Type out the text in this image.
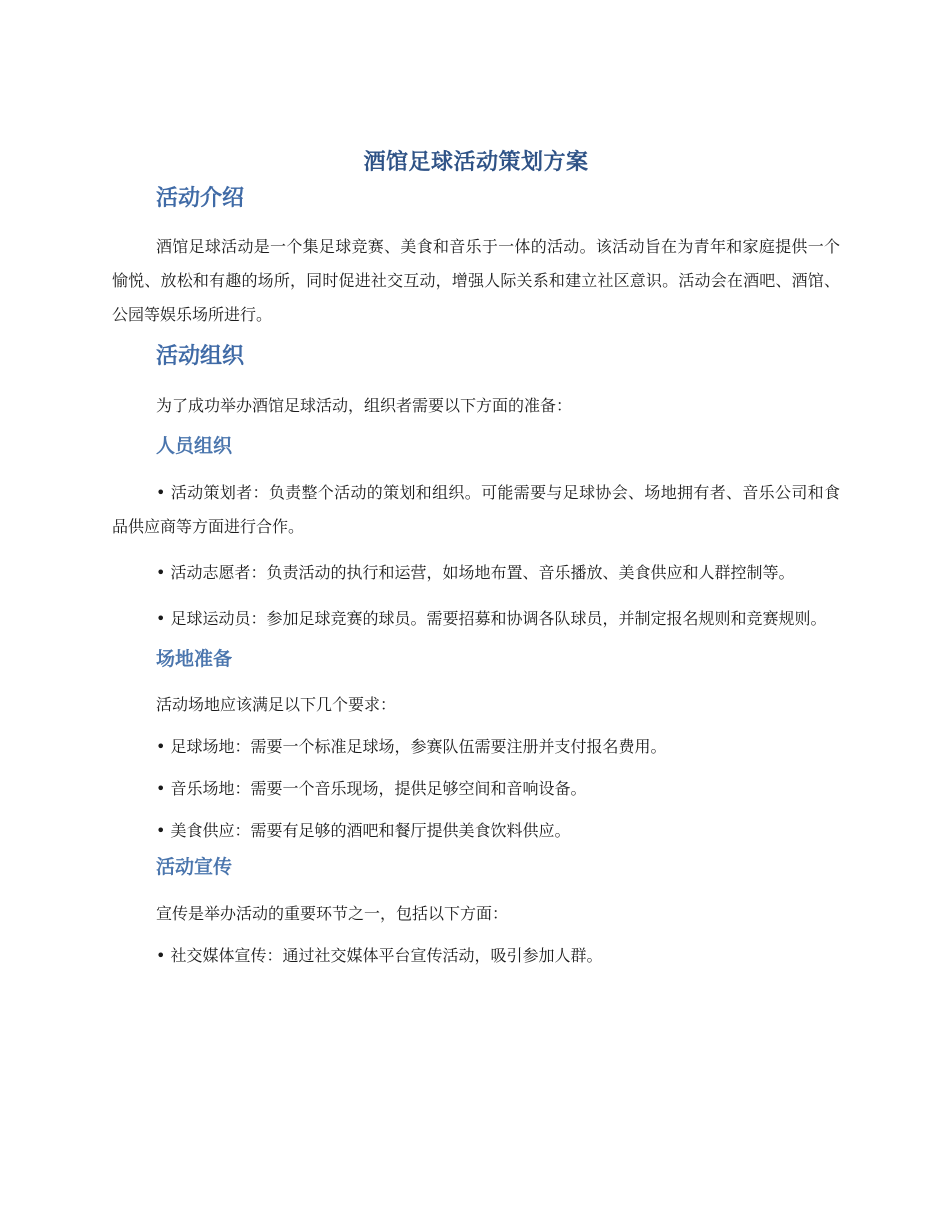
酒馆足球活动策划方案
活动介绍

酒馆足球活动是一个集足球竞赛、美食和音乐于一体的活动。该活动旨在为青年和家庭提供一个愉悦、放松和有趣的场所，同时促进社交互动，增强人际关系和建立社区意识。活动会在酒吧、酒馆、公园等娱乐场所进行。

活动组织

为了成功举办酒馆足球活动，组织者需要以下方面的准备：

人员组织

• 活动策划者：负责整个活动的策划和组织。可能需要与足球协会、场地拥有者、音乐公司和食品供应商等方面进行合作。

• 活动志愿者：负责活动的执行和运营，如场地布置、音乐播放、美食供应和人群控制等。

• 足球运动员：参加足球竞赛的球员。需要招募和协调各队球员，并制定报名规则和竞赛规则。

场地准备

活动场地应该满足以下几个要求：

• 足球场地：需要一个标准足球场，参赛队伍需要注册并支付报名费用。

• 音乐场地：需要一个音乐现场，提供足够空间和音响设备。

• 美食供应：需要有足够的酒吧和餐厅提供美食饮料供应。

活动宣传

宣传是举办活动的重要环节之一，包括以下方面：

• 社交媒体宣传：通过社交媒体平台宣传活动，吸引参加人群。
